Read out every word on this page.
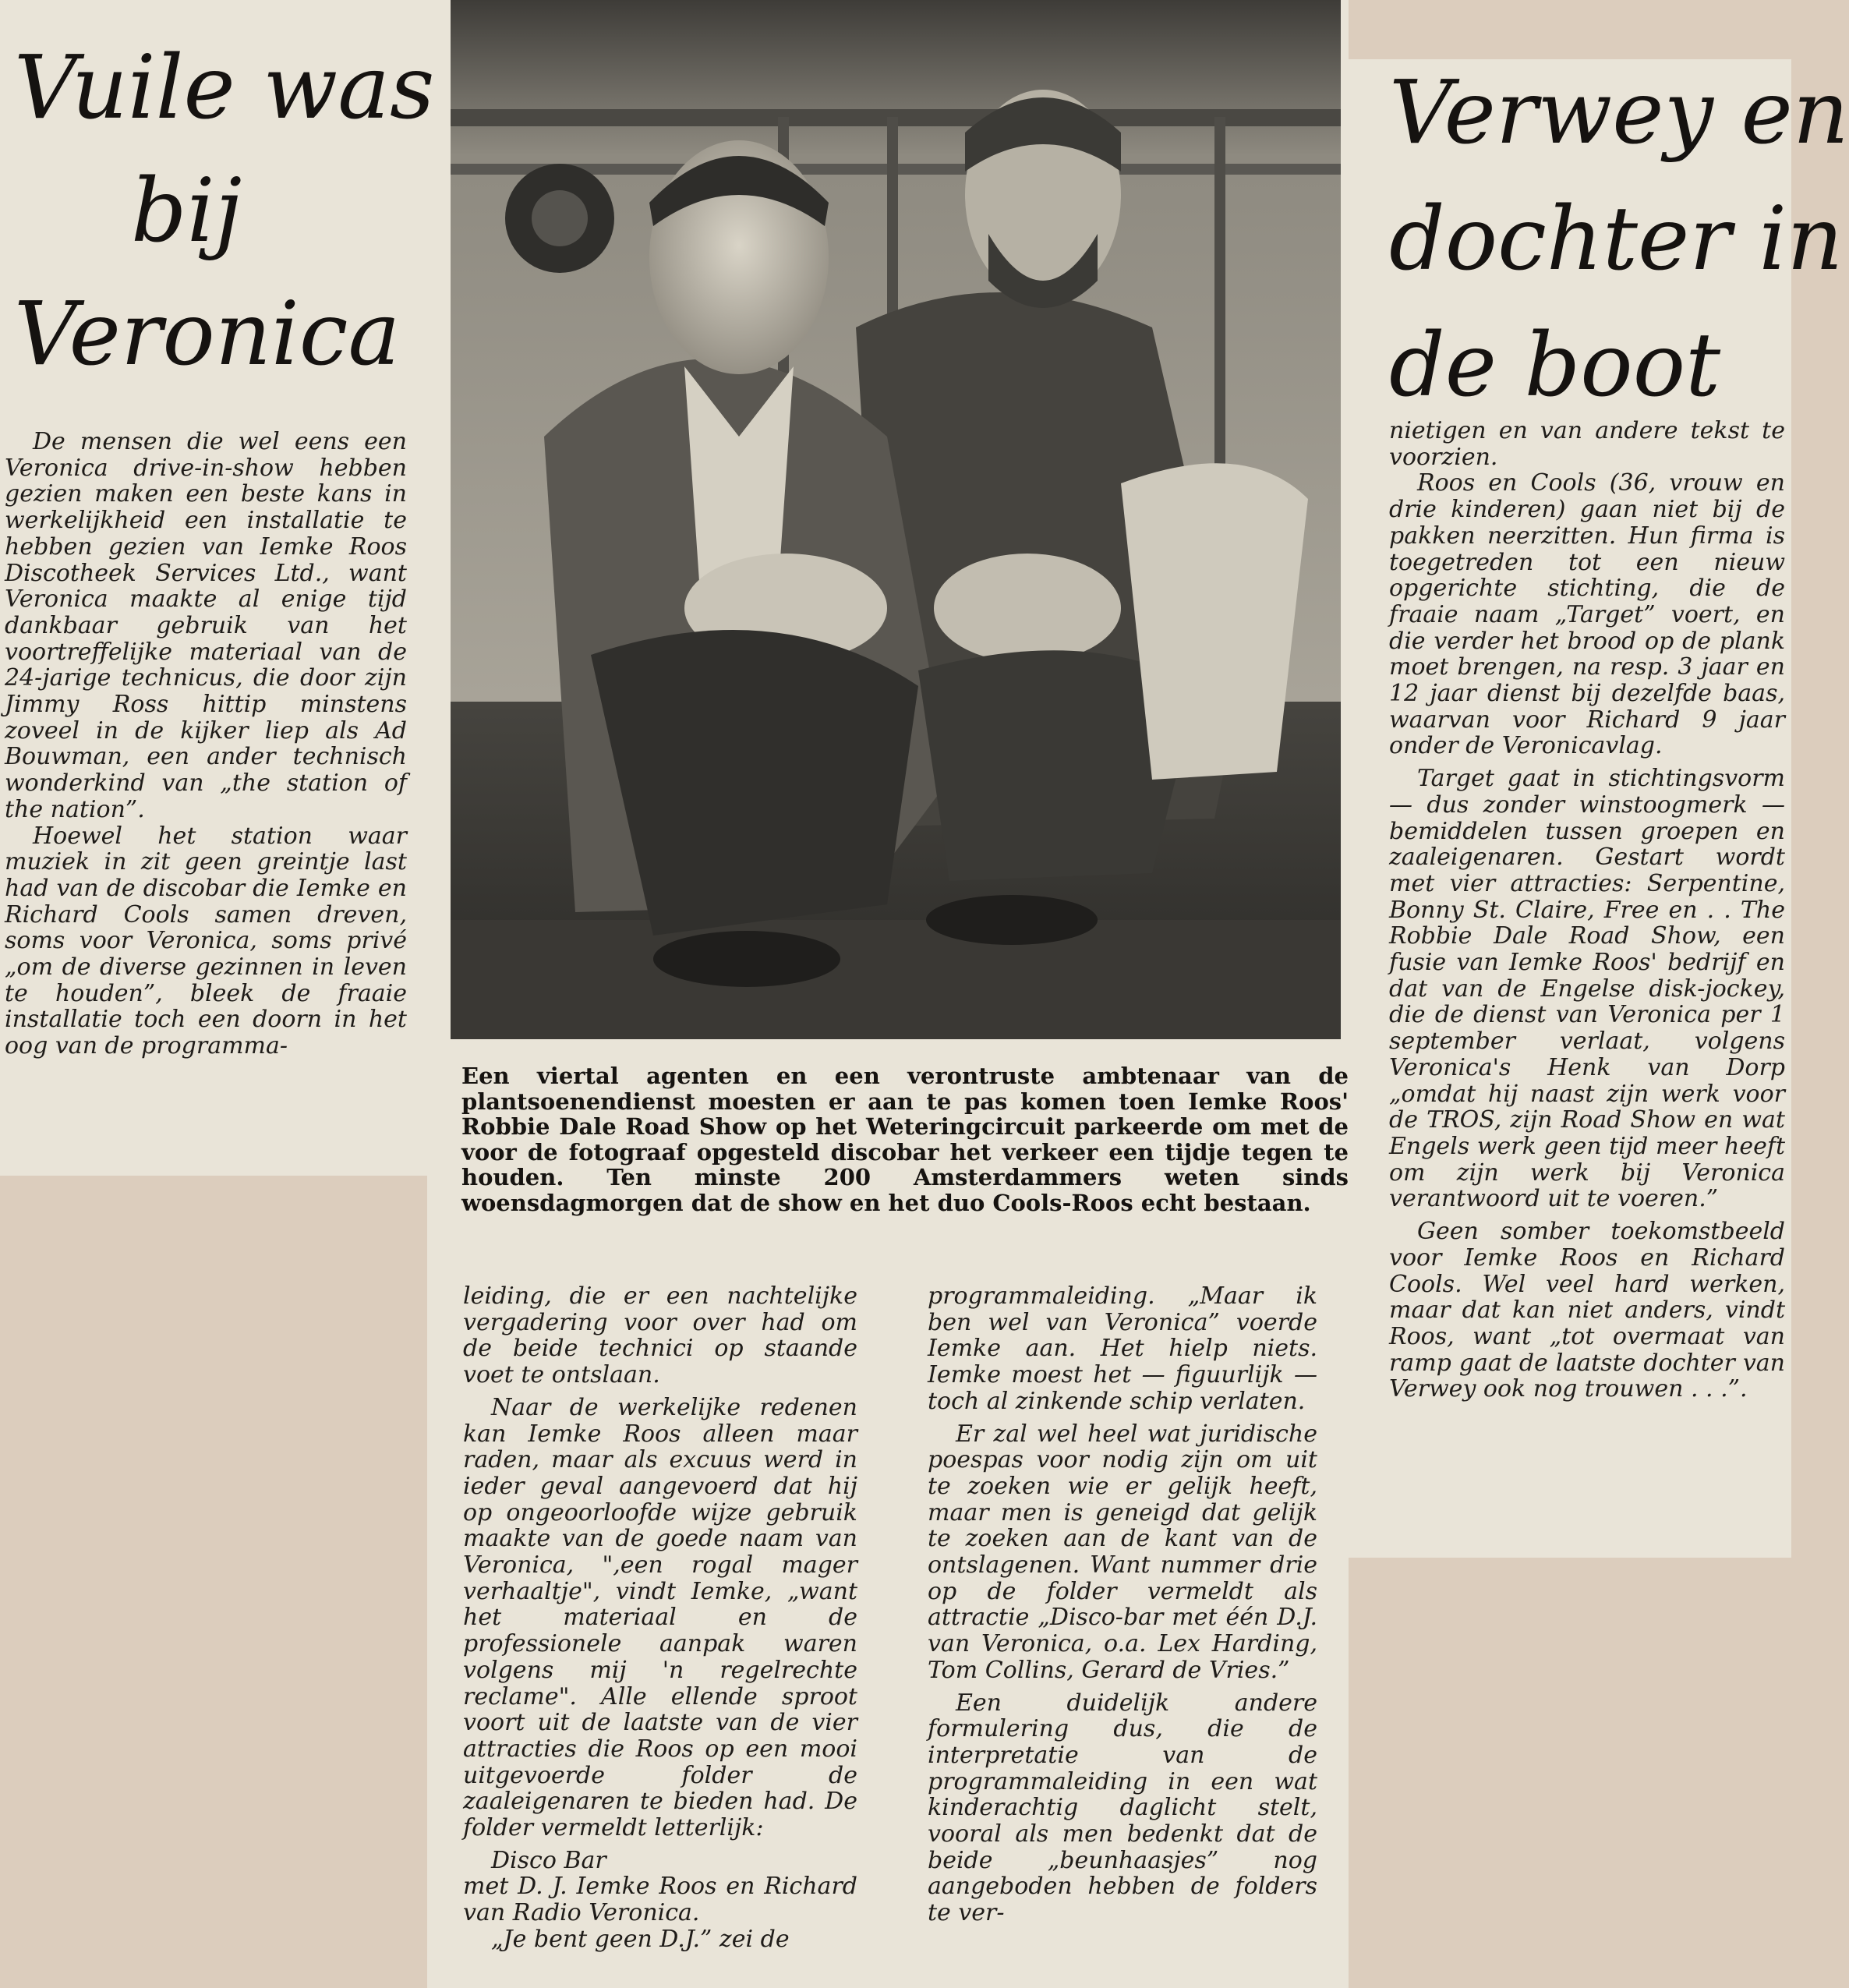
Vuile was
bij
Veronica
Verwey en
dochter in
de boot

De mensen die wel eens een Veronica drive-in-show hebben gezien maken een beste kans in werkelijkheid een installatie te hebben gezien van Iemke Roos Discotheek Services Ltd., want Veronica maakte al enige tijd dankbaar gebruik van het voortreffelijke materiaal van de 24-jarige technicus, die door zijn Jimmy Ross hittip minstens zoveel in de kijker liep als Ad Bouwman, een ander technisch wonderkind van „the station of the nation”.

Hoewel het station waar muziek in zit geen greintje last had van de discobar die Iemke en Richard Cools samen dreven, soms voor Veronica, soms privé „om de diverse gezinnen in leven te houden”, bleek de fraaie installatie toch een doorn in het oog van de programma-

Een viertal agenten en een verontruste ambtenaar van de plantsoenendienst moesten er aan te pas komen toen Iemke Roos' Robbie Dale Road Show op het Weteringcircuit parkeerde om met de voor de fotograaf opgesteld discobar het verkeer een tijdje tegen te houden. Ten minste 200 Amsterdammers weten sinds woensdagmorgen dat de show en het duo Cools-Roos echt bestaan.

leiding, die er een nachtelijke vergadering voor over had om de beide technici op staande voet te ontslaan.

Naar de werkelijke redenen kan Iemke Roos alleen maar raden, maar als excuus werd in ieder geval aangevoerd dat hij op ongeoorloofde wijze gebruik maakte van de goede naam van Veronica, ",een rogal mager verhaaltje", vindt Iemke, „want het materiaal en de professionele aanpak waren volgens mij 'n regelrechte reclame". Alle ellende sproot voort uit de laatste van de vier attracties die Roos op een mooi uitgevoerde folder de zaaleigenaren te bieden had. De folder vermeldt letterlijk:

Disco Bar

met D. J. Iemke Roos en Richard van Radio Veronica.

„Je bent geen D.J.” zei de

programmaleiding. „Maar ik ben wel van Veronica” voerde Iemke aan. Het hielp niets. Iemke moest het — figuurlijk — toch al zinkende schip verlaten.

Er zal wel heel wat juridische poespas voor nodig zijn om uit te zoeken wie er gelijk heeft, maar men is geneigd dat gelijk te zoeken aan de kant van de ontslagenen. Want nummer drie op de folder vermeldt als attractie „Disco-bar met één D.J. van Veronica, o.a. Lex Harding, Tom Collins, Gerard de Vries.”

Een duidelijk andere formulering dus, die de interpretatie van de programmaleiding in een wat kinderachtig daglicht stelt, vooral als men bedenkt dat de beide „beunhaasjes” nog aangeboden hebben de folders te ver-

nietigen en van andere tekst te voorzien.

Roos en Cools (36, vrouw en drie kinderen) gaan niet bij de pakken neerzitten. Hun firma is toegetreden tot een nieuw opgerichte stichting, die de fraaie naam „Target” voert, en die verder het brood op de plank moet brengen, na resp. 3 jaar en 12 jaar dienst bij dezelfde baas, waarvan voor Richard 9 jaar onder de Veronicavlag.

Target gaat in stichtingsvorm — dus zonder winstoogmerk — bemiddelen tussen groepen en zaaleigenaren. Gestart wordt met vier attracties: Serpentine, Bonny St. Claire, Free en . . The Robbie Dale Road Show, een fusie van Iemke Roos' bedrijf en dat van de Engelse disk-jockey, die de dienst van Veronica per 1 september verlaat, volgens Veronica's Henk van Dorp „omdat hij naast zijn werk voor de TROS, zijn Road Show en wat Engels werk geen tijd meer heeft om zijn werk bij Veronica verantwoord uit te voeren.”

Geen somber toekomstbeeld voor Iemke Roos en Richard Cools. Wel veel hard werken, maar dat kan niet anders, vindt Roos, want „tot overmaat van ramp gaat de laatste dochter van Verwey ook nog trouwen . . .”.
